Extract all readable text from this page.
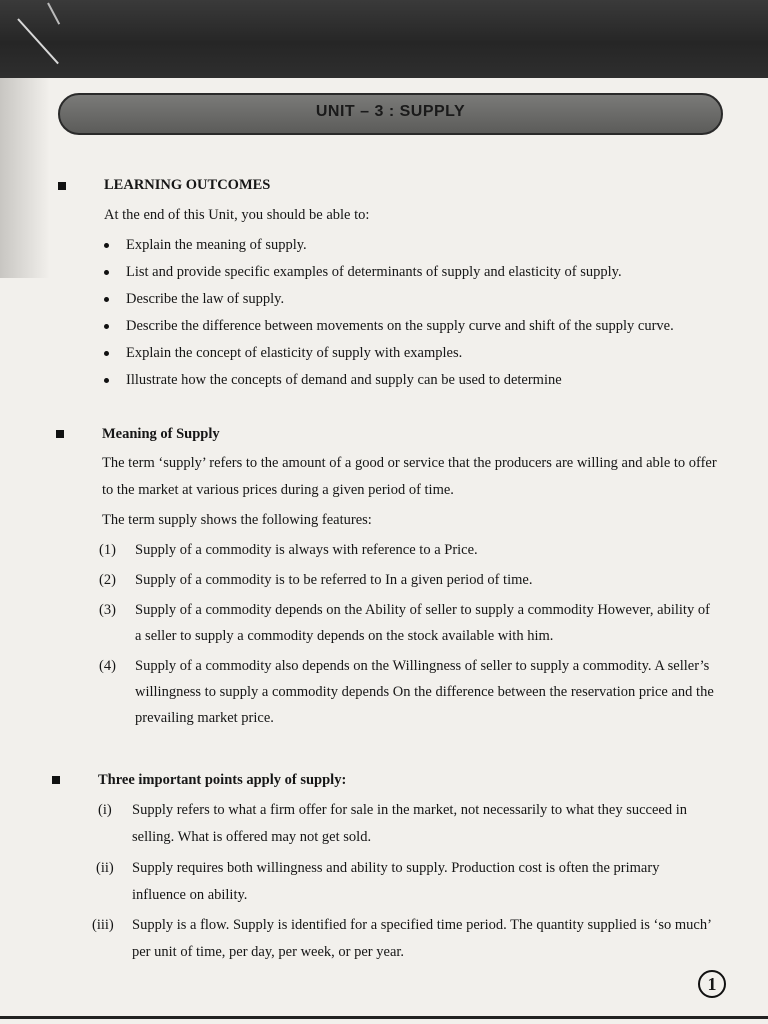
UNIT – 3 : SUPPLY
LEARNING OUTCOMES
At the end of this Unit, you should be able to:
Explain the meaning of supply.
List and provide specific examples of determinants of supply and elasticity of supply.
Describe the law of supply.
Describe the difference between movements on the supply curve and shift of the supply curve.
Explain the concept of elasticity of supply with examples.
Illustrate how the concepts of demand and supply can be used to determine
Meaning of Supply
The term ‘supply’ refers to the amount of a good or service that the producers are willing and able to offer
to the market at various prices during a given period of time.
The term supply shows the following features:
(1) Supply of a commodity is always with reference to a Price.
(2) Supply of a commodity is to be referred to In a given period of time.
(3) Supply of a commodity depends on the Ability of seller to supply a commodity However, ability of
a seller to supply a commodity depends on the stock available with him.
(4) Supply of a commodity also depends on the Willingness of seller to supply a commodity. A seller’s
willingness to supply a commodity depends On the difference between the reservation price and the
prevailing market price.
Three important points apply of supply:
(i) Supply refers to what a firm offer for sale in the market, not necessarily to what they succeed in
selling. What is offered may not get sold.
(ii) Supply requires both willingness and ability to supply. Production cost is often the primary
influence on ability.
(iii) Supply is a flow. Supply is identified for a specified time period. The quantity supplied is ‘so much’
per unit of time, per day, per week, or per year.
1
